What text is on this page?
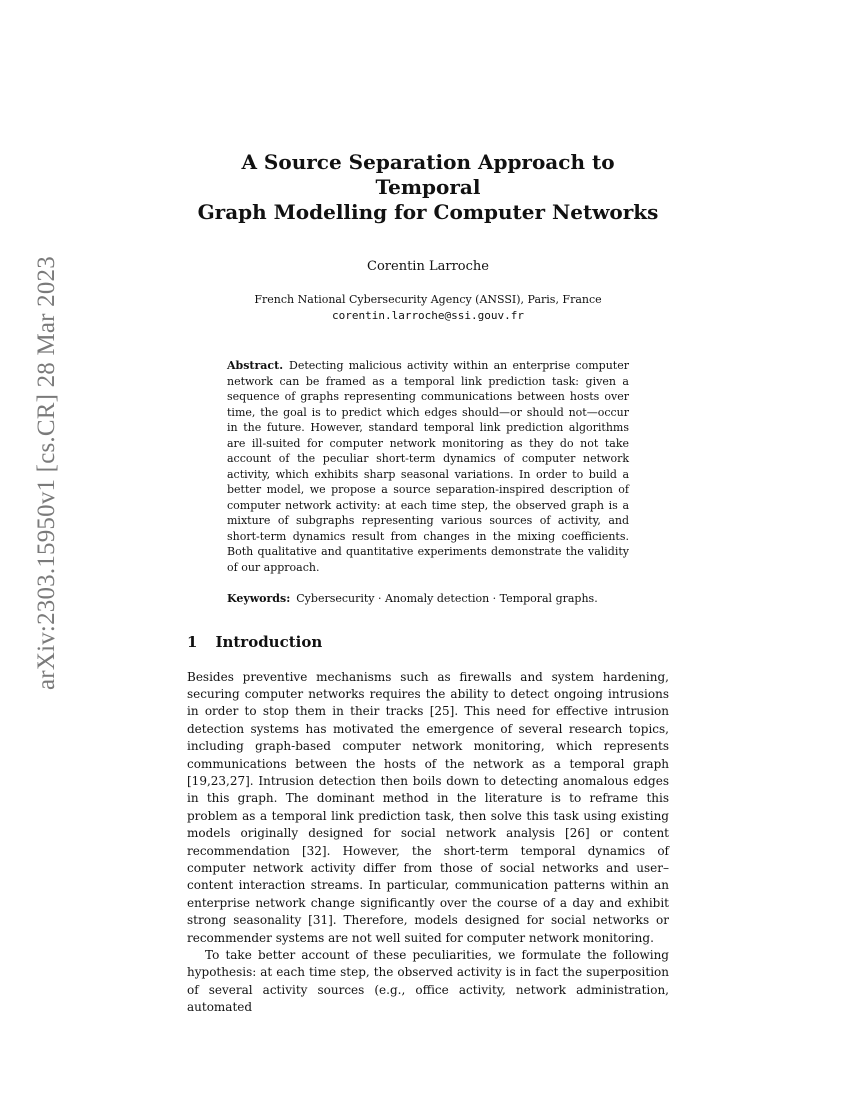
arXiv:2303.15950v1 [cs.CR] 28 Mar 2023
A Source Separation Approach to Temporal
Graph Modelling for Computer Networks
Corentin Larroche
French National Cybersecurity Agency (ANSSI), Paris, France
corentin.larroche@ssi.gouv.fr
Abstract. Detecting malicious activity within an enterprise computer network can be framed as a temporal link prediction task: given a sequence of graphs representing communications between hosts over time, the goal is to predict which edges should—or should not—occur in the future. However, standard temporal link prediction algorithms are ill-suited for computer network monitoring as they do not take account of the peculiar short-term dynamics of computer network activity, which exhibits sharp seasonal variations. In order to build a better model, we propose a source separation-inspired description of computer network activity: at each time step, the observed graph is a mixture of subgraphs representing various sources of activity, and short-term dynamics result from changes in the mixing coefficients. Both qualitative and quantitative experiments demonstrate the validity of our approach.
Keywords: Cybersecurity · Anomaly detection · Temporal graphs.
1 Introduction

Besides preventive mechanisms such as firewalls and system hardening, securing computer networks requires the ability to detect ongoing intrusions in order to stop them in their tracks [25]. This need for effective intrusion detection systems has motivated the emergence of several research topics, including graph-based computer network monitoring, which represents communications between the hosts of the network as a temporal graph [19,23,27]. Intrusion detection then boils down to detecting anomalous edges in this graph. The dominant method in the literature is to reframe this problem as a temporal link prediction task, then solve this task using existing models originally designed for social network analysis [26] or content recommendation [32]. However, the short-term temporal dynamics of computer network activity differ from those of social networks and user–content interaction streams. In particular, communication patterns within an enterprise network change significantly over the course of a day and exhibit strong seasonality [31]. Therefore, models designed for social networks or recommender systems are not well suited for computer network monitoring.

To take better account of these peculiarities, we formulate the following hypothesis: at each time step, the observed activity is in fact the superposition of several activity sources (e.g., office activity, network administration, automated
